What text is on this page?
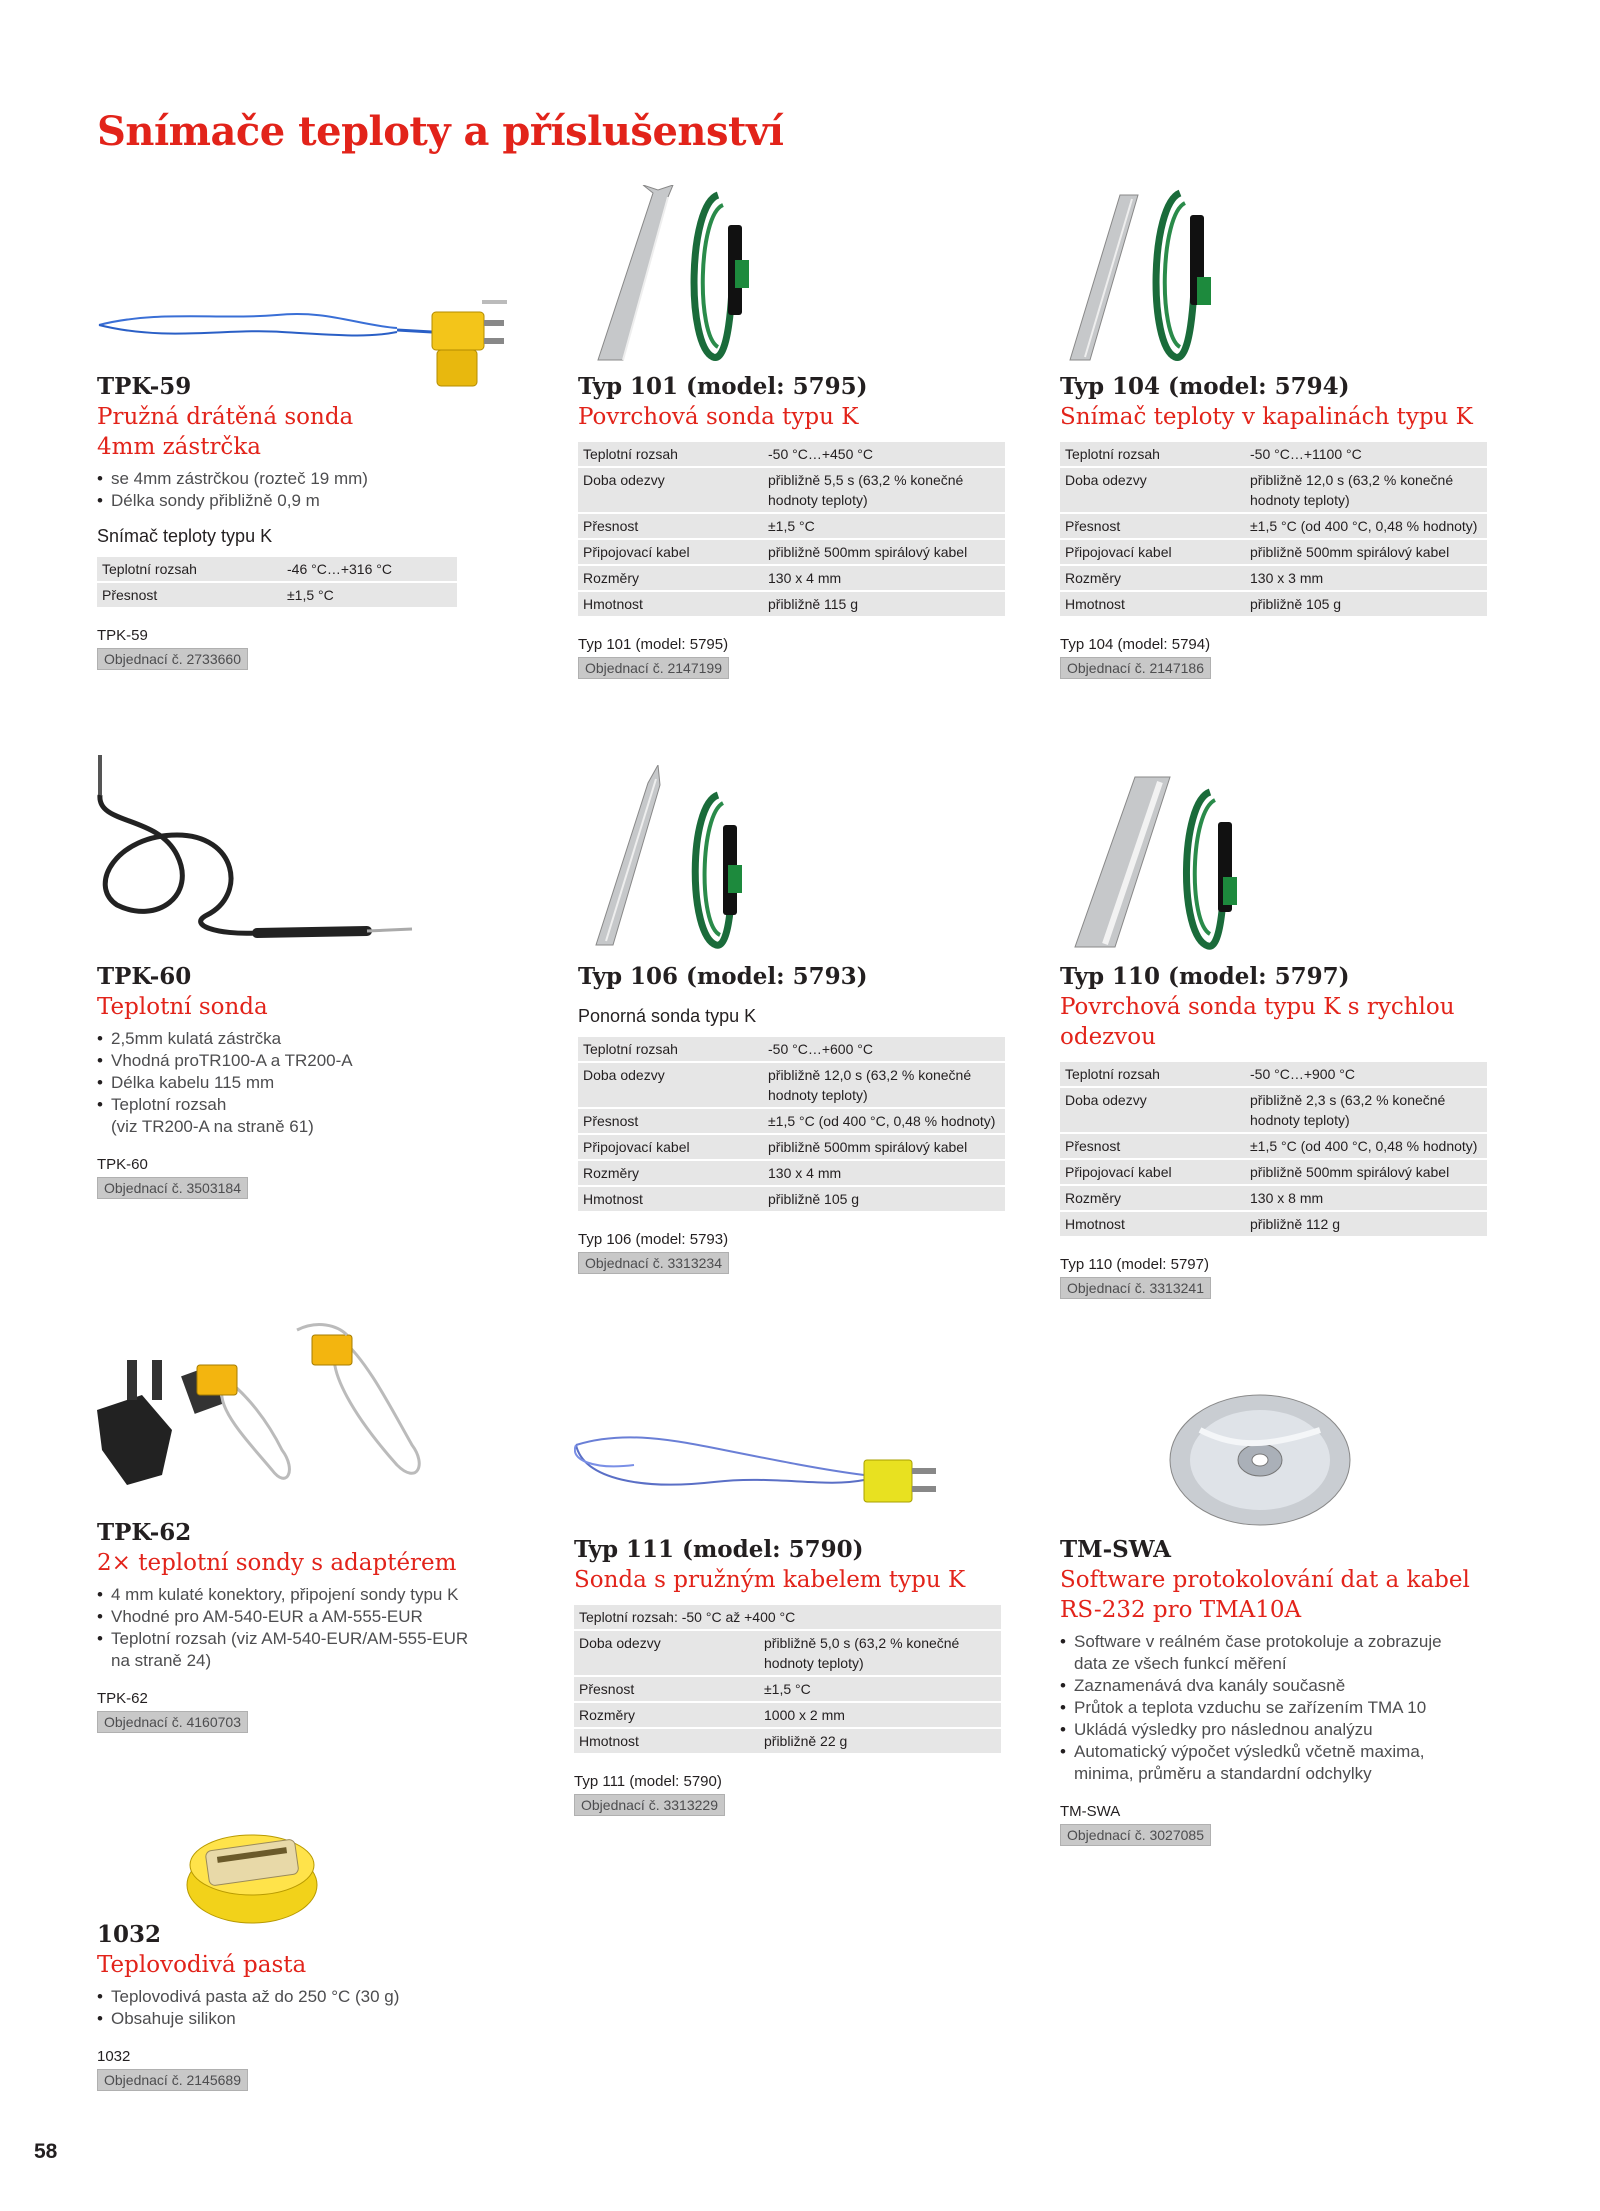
Snímače teploty a příslušenství

TPK-59

Pružná drátěná sonda

4mm zástrčka

• se 4mm zástrčkou (rozteč 19 mm)
• Délka sondy přibližně 0,9 m
Snímač teploty typu K
Teplotní rozsah	-46 °C…+316 °C
Přesnost	±1,5 °C
TPK-59
Objednací č. 2733660

Typ 101 (model: 5795)

Povrchová sonda typu K

Teplotní rozsah	-50 °C…+450 °C
Doba odezvy	přibližně 5,5 s (63,2 % konečné hodnoty teploty)
Přesnost	±1,5 °C
Připojovací kabel	přibližně 500mm spirálový kabel
Rozměry	130 x 4 mm
Hmotnost	přibližně 115 g
Typ 101 (model: 5795)
Objednací č. 2147199

Typ 104 (model: 5794)

Snímač teploty v kapalinách typu K

Teplotní rozsah	-50 °C…+1100 °C
Doba odezvy	přibližně 12,0 s (63,2 % konečné hodnoty teploty)
Přesnost	±1,5 °C (od 400 °C, 0,48 % hodnoty)
Připojovací kabel	přibližně 500mm spirálový kabel
Rozměry	130 x 3 mm
Hmotnost	přibližně 105 g
Typ 104 (model: 5794)
Objednací č. 2147186

TPK-60

Teplotní sonda

• 2,5mm kulatá zástrčka
• Vhodná proTR100-A a TR200-A
• Délka kabelu 115 mm
• Teplotní rozsah
(viz TR200-A na straně 61)
TPK-60
Objednací č. 3503184

Typ 106 (model: 5793)

Ponorná sonda typu K
Teplotní rozsah	-50 °C…+600 °C
Doba odezvy	přibližně 12,0 s (63,2 % konečné hodnoty teploty)
Přesnost	±1,5 °C (od 400 °C, 0,48 % hodnoty)
Připojovací kabel	přibližně 500mm spirálový kabel
Rozměry	130 x 4 mm
Hmotnost	přibližně 105 g
Typ 106 (model: 5793)
Objednací č. 3313234

Typ 110 (model: 5797)

Povrchová sonda typu K s rychlou

odezvou

Teplotní rozsah	-50 °C…+900 °C
Doba odezvy	přibližně 2,3 s (63,2 % konečné hodnoty teploty)
Přesnost	±1,5 °C (od 400 °C, 0,48 % hodnoty)
Připojovací kabel	přibližně 500mm spirálový kabel
Rozměry	130 x 8 mm
Hmotnost	přibližně 112 g
Typ 110 (model: 5797)
Objednací č. 3313241

TPK-62

2× teplotní sondy s adaptérem

• 4 mm kulaté konektory, připojení sondy typu K
• Vhodné pro AM-540-EUR a AM-555-EUR
• Teplotní rozsah (viz AM-540-EUR/AM-555-EUR
na straně 24)
TPK-62
Objednací č. 4160703

Typ 111 (model: 5790)

Sonda s pružným kabelem typu K

Teplotní rozsah: -50 °C až +400 °C	
Doba odezvy	přibližně 5,0 s (63,2 % konečné hodnoty teploty)
Přesnost	±1,5 °C
Rozměry	1000 x 2 mm
Hmotnost	přibližně 22 g
Typ 111 (model: 5790)
Objednací č. 3313229

TM-SWA

Software protokolování dat a kabel

RS-232 pro TMA10A

• Software v reálném čase protokoluje a zobrazuje
data ze všech funkcí měření
• Zaznamenává dva kanály současně
• Průtok a teplota vzduchu se zařízením TMA 10
• Ukládá výsledky pro následnou analýzu
• Automatický výpočet výsledků včetně maxima,
minima, průměru a standardní odchylky
TM-SWA
Objednací č. 3027085

1032

Teplovodivá pasta

• Teplovodivá pasta až do 250 °C (30 g)
• Obsahuje silikon
1032
Objednací č. 2145689
58
